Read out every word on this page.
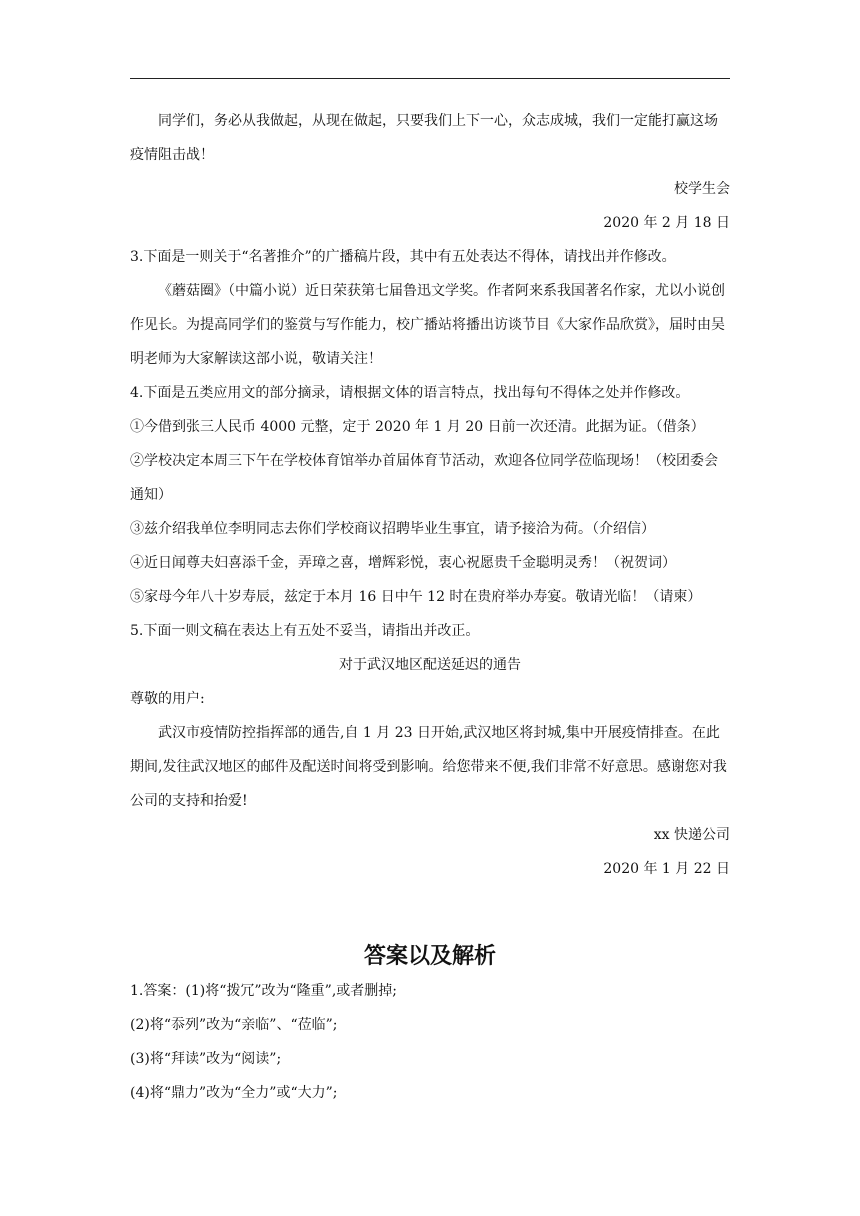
同学们，务必从我做起，从现在做起，只要我们上下一心，众志成城，我们一定能打赢这场疫情阻击战！

校学生会

2020 年 2 月 18 日

3.下面是一则关于“名著推介”的广播稿片段，其中有五处表达不得体，请找出并作修改。

《蘑菇圈》（中篇小说）近日荣获第七届鲁迅文学奖。作者阿来系我国著名作家，尤以小说创作见长。为提高同学们的鉴赏与写作能力，校广播站将播出访谈节目《大家作品欣赏》，届时由吴明老师为大家解读这部小说，敬请关注！

4.下面是五类应用文的部分摘录，请根据文体的语言特点，找出每句不得体之处并作修改。

①今借到张三人民币 4000 元整，定于 2020 年 1 月 20 日前一次还清。此据为证。（借条）

②学校决定本周三下午在学校体育馆举办首届体育节活动，欢迎各位同学莅临现场！（校团委会通知）

③兹介绍我单位李明同志去你们学校商议招聘毕业生事宜，请予接洽为荷。（介绍信）

④近日闻尊夫妇喜添千金，弄璋之喜，增辉彩悦，衷心祝愿贵千金聪明灵秀！（祝贺词）

⑤家母今年八十岁寿辰，兹定于本月 16 日中午 12 时在贵府举办寿宴。敬请光临！（请柬）

5.下面一则文稿在表达上有五处不妥当，请指出并改正。

对于武汉地区配送延迟的通告

尊敬的用户:

武汉市疫情防控指挥部的通告,自 1 月 23 日开始,武汉地区将封城,集中开展疫情排查。在此期间,发往武汉地区的邮件及配送时间将受到影响。给您带来不便,我们非常不好意思。感谢您对我公司的支持和抬爱!

xx 快递公司

2020 年 1 月 22 日

答案以及解析

1.答案：(1)将“拨冗”改为“隆重”,或者删掉;

(2)将“忝列”改为“亲临”、“莅临”;

(3)将“拜读”改为“阅读”;

(4)将“鼎力”改为“全力”或“大力”;
